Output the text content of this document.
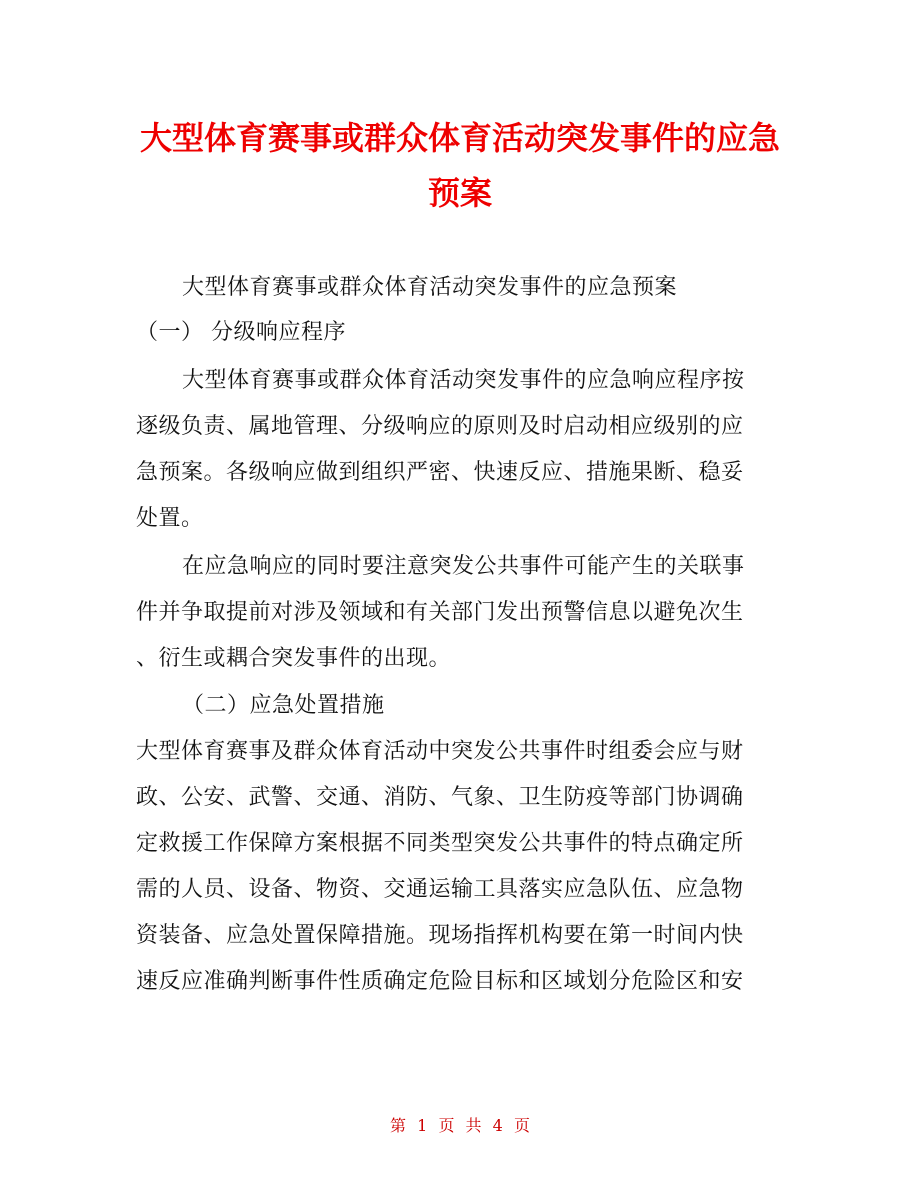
大型体育赛事或群众体育活动突发事件的应急
预案
大型体育赛事或群众体育活动突发事件的应急预案
（一） 分级响应程序
大型体育赛事或群众体育活动突发事件的应急响应程序按
逐级负责、属地管理、分级响应的原则及时启动相应级别的应
急预案。各级响应做到组织严密、快速反应、措施果断、稳妥
处置。
在应急响应的同时要注意突发公共事件可能产生的关联事
件并争取提前对涉及领域和有关部门发出预警信息以避免次生
、衍生或耦合突发事件的出现。
（二）应急处置措施
大型体育赛事及群众体育活动中突发公共事件时组委会应与财
政、公安、武警、交通、消防、气象、卫生防疫等部门协调确
定救援工作保障方案根据不同类型突发公共事件的特点确定所
需的人员、设备、物资、交通运输工具落实应急队伍、应急物
资装备、应急处置保障措施。现场指挥机构要在第一时间内快
速反应准确判断事件性质确定危险目标和区域划分危险区和安
第 1 页 共 4 页
